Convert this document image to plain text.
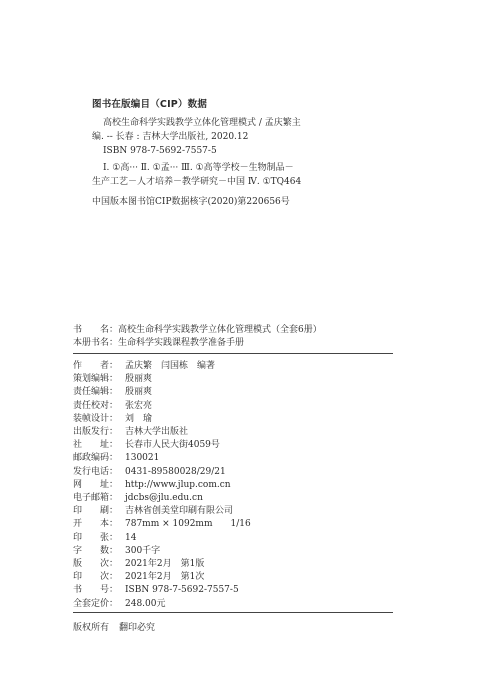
图书在版编目（CIP）数据
高校生命科学实践教学立体化管理模式 / 孟庆繁主
编. -- 长春 : 吉林大学出版社, 2020.12
ISBN 978-7-5692-7557-5
Ⅰ. ①高··· Ⅱ. ①孟··· Ⅲ. ①高等学校－生物制品－
生产工艺－人才培养－教学研究－中国 Ⅳ. ①TQ464
中国版本图书馆CIP数据核字(2020)第220656号
书　　名：高校生命科学实践教学立体化管理模式（全套6册）
本册书名：生命科学实践课程教学准备手册
作　　者： 孟庆繁　闫国栋　编著
策划编辑： 殷丽爽
责任编辑： 殷丽爽
责任校对： 张宏亮
装帧设计： 刘　瑜
出版发行： 吉林大学出版社
社　　址： 长春市人民大街4059号
邮政编码： 130021
发行电话： 0431-89580028/29/21
网　　址： http://www.jlup.com.cn
电子邮箱： jdcbs@jlu.edu.cn
印　　刷： 吉林省创美堂印刷有限公司
开　　本： 787mm × 1092mm　　1/16
印　　张： 14
字　　数： 300千字
版　　次： 2021年2月　第1版
印　　次： 2021年2月　第1次
书　　号： ISBN 978-7-5692-7557-5
全套定价： 248.00元
版权所有 翻印必究
